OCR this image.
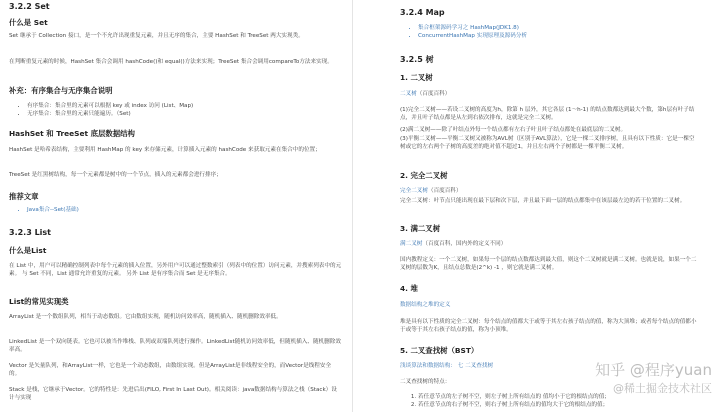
3.2.2 Set

什么是 Set

Set 继承于 Collection 接口，是一个不允许出现重复元素，并且无序的集合，主要 HashSet 和 TreeSet 两大实现类。

在判断重复元素的时候，HashSet 集合会调用 hashCode()和 equal()方法来实现；TreeSet 集合会调用compareTo方法来实现。

补充：有序集合与无序集合说明

• 有序集合：集合里的元素可以根据 key 或 index 访问 (List、Map)
• 无序集合：集合里的元素只能遍历。（Set)

HashSet 和 TreeSet 底层数据结构

HashSet 是哈希表结构，主要利用 HashMap 的 key 来存储元素，计算插入元素的 hashCode 来获取元素在集合中的位置；

TreeSet 是红黑树结构，每一个元素都是树中的一个节点，插入的元素都会进行排序；

推荐文章

• Java集合--Set(基础)

3.2.3 List

什么是List

在 List 中，用户可以精确控制列表中每个元素的插入位置，另外用户可以通过整数索引（列表中的位置）访问元素，并搜索列表中的元素。 与 Set 不同，List 通常允许重复的元素。 另外 List 是有序集合而 Set 是无序集合。

List的常见实现类

ArrayList 是一个数组队列，相当于动态数组。它由数组实现，随机访问效率高，随机插入、随机删除效率低。

LinkedList 是一个双向链表。它也可以被当作堆栈、队列或双端队列进行操作。LinkedList随机访问效率低，但随机插入、随机删除效率高。

Vector 是矢量队列，和ArrayList一样，它也是一个动态数组，由数组实现。但是ArrayList是非线程安全的，而Vector是线程安全的。

Stack 是栈，它继承于Vector。它的特性是：先进后出(FILO, First In Last Out)。相关阅读：java数据结构与算法之栈（Stack）设计与实现

3.2.4 Map

• 集合框架源码学习之 HashMap(JDK1.8)
• ConcurrentHashMap 实现原理及源码分析

3.2.5 树

1. 二叉树

二叉树（百度百科）

(1)完全二叉树——若设二叉树的高度为h，除第 h 层外，其它各层 (1～h-1) 的结点数都达到最大个数，第h层有叶子结点，并且叶子结点都是从左到右依次排布，这就是完全二叉树。

(2)满二叉树——除了叶结点外每一个结点都有左右子叶且叶子结点都处在最底层的二叉树。

(3)平衡二叉树——平衡二叉树又被称为AVL树（区别于AVL算法），它是一棵二叉排序树，且具有以下性质：它是一棵空树或它的左右两个子树的高度差的绝对值不超过1，并且左右两个子树都是一棵平衡二叉树。

2. 完全二叉树

完全二叉树（百度百科）

完全二叉树：叶节点只能出现在最下层和次下层，并且最下面一层的结点都集中在该层最左边的若干位置的二叉树。

3. 满二叉树

满二叉树（百度百科，国内外的定义不同）

国内教程定义：一个二叉树，如果每一个层的结点数都达到最大值，则这个二叉树就是满二叉树。也就是说，如果一个二叉树的层数为K，且结点总数是(2^k) -1 ，则它就是满二叉树。

4. 堆

数据结构之堆的定义

堆是具有以下性质的完全二叉树：每个结点的值都大于或等于其左右孩子结点的值，称为大顶堆；或者每个结点的值都小于或等于其左右孩子结点的值，称为小顶堆。

5. 二叉查找树（BST）

浅谈算法和数据结构： 七 二叉查找树

二叉查找树的特点：

1. 若任意节点的左子树不空，则左子树上所有结点的 值均小于它的根结点的值；
2. 若任意节点的右子树不空，则右子树上所有结点的值均大于它的根结点的值；
知乎 @程序yuan
@稀土掘金技术社区
